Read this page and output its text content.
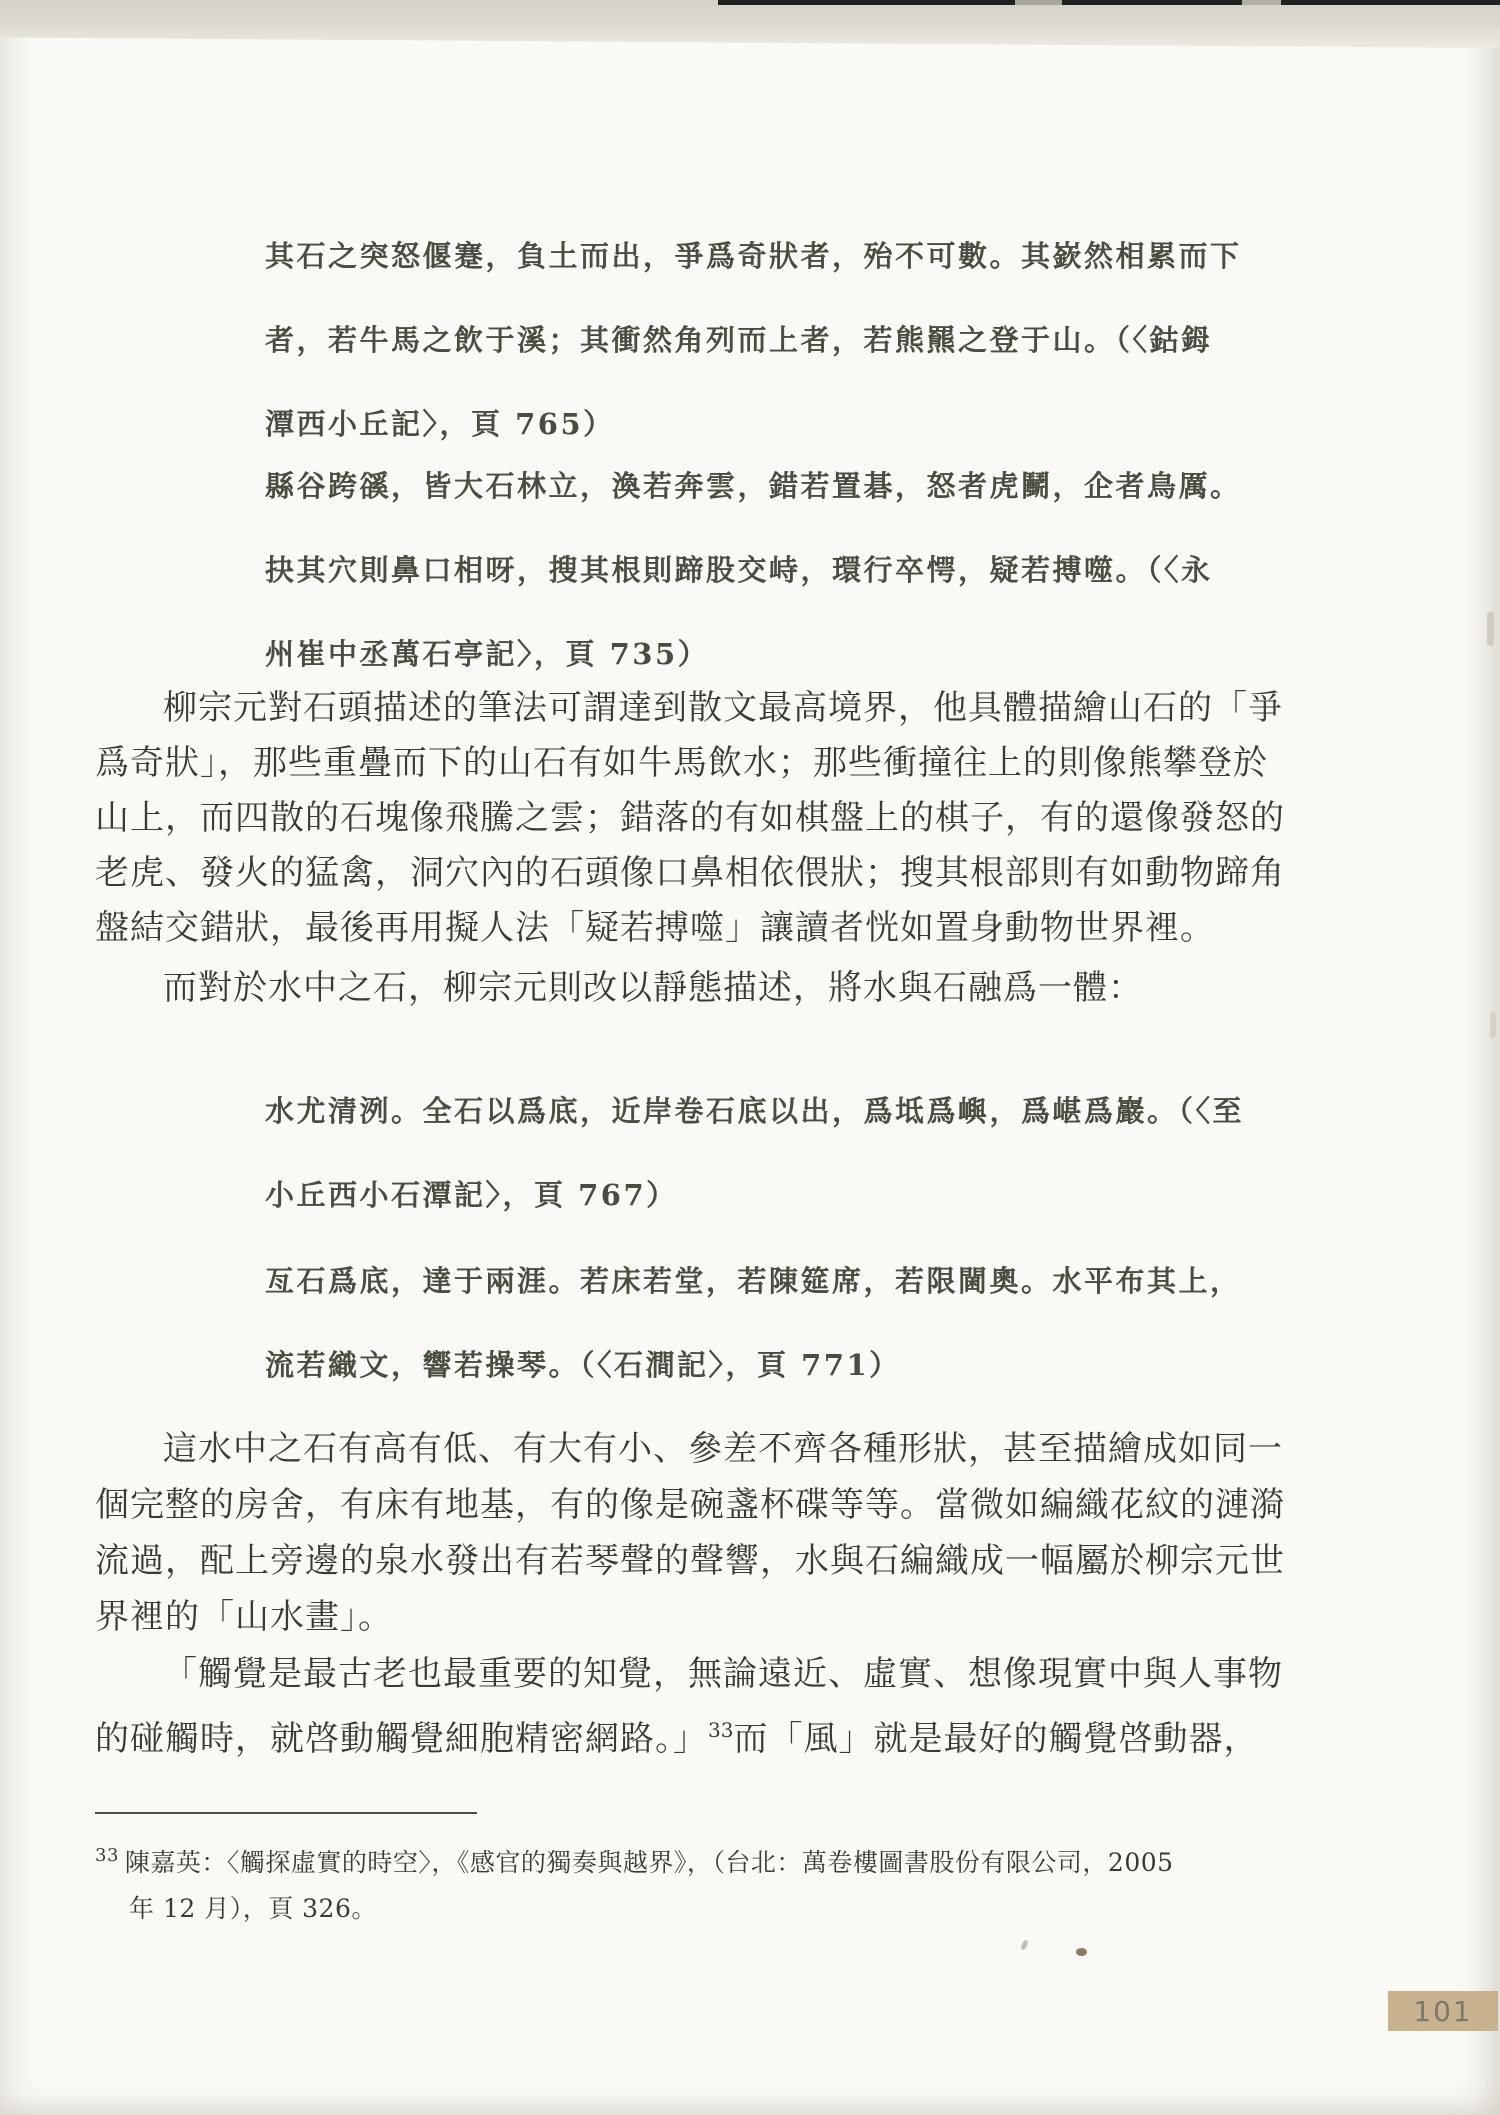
其石之突怒偃蹇，負土而出，爭爲奇狀者，殆不可數。其嶔然相累而下

者，若牛馬之飲于溪；其衝然角列而上者，若熊羆之登于山。（〈鈷鉧

潭西小丘記〉，頁 765）

縣谷跨豀，皆大石林立，渙若奔雲，錯若置碁，怒者虎鬭，企者鳥厲。

抉其穴則鼻口相呀，搜其根則蹄股交峙，環行卒愕，疑若搏噬。（〈永

州崔中丞萬石亭記〉，頁 735）

柳宗元對石頭描述的筆法可謂達到散文最高境界，他具體描繪山石的「爭

爲奇狀」，那些重疊而下的山石有如牛馬飲水；那些衝撞往上的則像熊攀登於

山上，而四散的石塊像飛騰之雲；錯落的有如棋盤上的棋子，有的還像發怒的

老虎、發火的猛禽，洞穴內的石頭像口鼻相依偎狀；搜其根部則有如動物蹄角

盤結交錯狀，最後再用擬人法「疑若搏噬」讓讀者恍如置身動物世界裡。

而對於水中之石，柳宗元則改以靜態描述，將水與石融爲一體：

水尤清洌。全石以爲底，近岸卷石底以出，爲坻爲嶼，爲嵁爲巖。（〈至

小丘西小石潭記〉，頁 767）

亙石爲底，達于兩涯。若床若堂，若陳筵席，若限閫奧。水平布其上，

流若織文，響若操琴。（〈石澗記〉，頁 771）

這水中之石有高有低、有大有小、參差不齊各種形狀，甚至描繪成如同一

個完整的房舍，有床有地基，有的像是碗盞杯碟等等。當微如編織花紋的漣漪

流過，配上旁邊的泉水發出有若琴聲的聲響，水與石編織成一幅屬於柳宗元世

界裡的「山水畫」。

「觸覺是最古老也最重要的知覺，無論遠近、虛實、想像現實中與人事物

的碰觸時，就啓動觸覺細胞精密網路。」$^{33}$而「風」就是最好的觸覺啓動器，

$^{33}$ 陳嘉英：〈觸探虛實的時空〉，《感官的獨奏與越界》，（台北：萬卷樓圖書股份有限公司，2005

年 12 月），頁 326。

101
